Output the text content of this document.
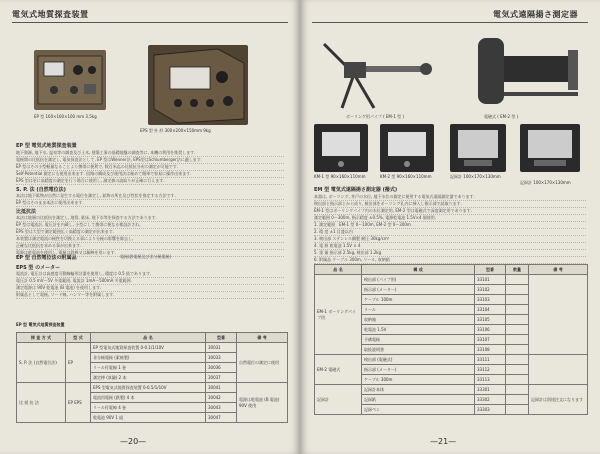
電気式地質探査装置
EP 型 160×160×100 mm 3.5kg
EPS 型 外 形 300×200×150mm 9kg
EP 型 電気式地質探査装置
地下資源, 地下水, 温泉等の調査及び土木, 建築工事の基礎地盤の調査等に, 本機の利用を推奨します.
電極間の比抵抗を測定し, 電気探査法として, EP 型はWenner法, EPS型はSchlumberger法に適します.
EP 型はその小型軽量なることより携帯に便利で, 数百米迄の比抵抗分布の測定が可能です.
Self-Potential 測定にも使用出来ます. 回路の構成及び使用法は極めて簡単で容易に操作出来ます.
EPS 型は更に高精度の測定を行う場合に使用し, 測定値の読取りが正確に行えます.
S. P. 法 (自然電位法)
本法は地下鉱物が自然に発生する電位を測定し, 鉱物の所在及び性状を推定する方法です.
EP 型はそのまま本法に使用出来ます.
比抵抗法
本法は地層の比抵抗を測定し, 地質, 鉱床, 地下水等を探査する方法であります.
EP 型は電流計, 電圧計を内蔵し, 小型にして携帯に便なる様設計され,
EPS 型は大型で測定範囲広く高精度の測定が出来ます.
本装置は測定電流の極性を切換える事により分極の影響を除去し,
正確な比抵抗を求める事が出来ます.
電源は乾電池を使用し, 電極は鉄棒又は銅棒を用います.
EP 型 自然電位法の附属品	電極(鉄電極及び非分極電極)
EPS 型 のメーター
電流計, 電圧計は高感度可動線輪形計器を使用し, 精度は 0.5 級であります.
電圧計 0.5 mV～5V 多重範囲, 電流計 1mA～500mA 多重範囲.
測定電源は 90V 乾電池 (B 電池) を使用します.
附属品として電極, リード線, ハンマー等を附属します.
EP 型 電気式地質探査装置
探 査 方 式	型 式	品 名	型番	備 考
S. P. 法 (自然電位法)	EP	EP 型電気式地質探査装置 0-0.1/1/10V	30031	自然電位の測定に使用
		非分極電極 (素焼製)	30033	
		リール付電線 1 巻	30036	
		測定棒 (真鍮) 2 本	30037	
比 抵 抗 法	EP EPS	EPS 型電気式地質探査装置 0-0.5/1/10V	30041	電源は乾電池 (B 電池) 90V 使用
		電流用電極 (鉄製) 4 本	30042	
		リール付電線 4 巻	30043	
		乾電池 90V 1 組	30047	
—20—
電気式遠隔揚さ測定器
ボーリング用パイプ ( EM-1 型 )	電磁式 ( EM-2 型 )
KM-1 型 90×160×110mm	KM-2 型 90×160×110mm	記録計 100×170×130mm
記録計 100×170×130mm
EM 型 電気式遠隔揚さ測定器 (撥式)
本器は, ボーリング, 井戸の水位, 地下水位の測定に使用する電気式遠隔測定器であります.
検出部と指示部とから成り, 検出部をボーリング孔内に挿入し指示部で読取ります.
EM-1 型はボーリングパイプ内の水位測定用, EM-2 型は電磁式で深度測定用であります.
測定範囲 0～300m, 指示精度 ±0.5%, 電源乾電池 1.5V×4 個使用.
1. 測定範囲　EM-1 型 0～100m, EM-2 型 0～300m
2. 精 度 ±1 目盛以内
3. 検出部 ステンレス鋼製 耐圧 30kg/cm²
4. 電 源 乾電池 1.5V × 4
5. 重 量 指示部 2.5kg, 検出部 1.2kg
6. 附属品 ケーブル 300m, リール, 収納箱
品 名	構 成	型番	数量	備 考
EM-1 ボーリングパイプ用	検出部 (パイプ用)	33101		
	指示部 (メーター)	33102		
	ケーブル 100m	33103		
	リール	33104		
	収納箱	33105		
	乾電池 1.5V	33106		
	予備電極	33107		
	取扱説明書	33108		
EM-2 電磁式	検出部 (電磁式)	33111		
	指示部 (メーター)	33112		
	ケーブル 300m	33113		
記録計	記録計本体	33301		記録計は別途注文になります
	記録紙	33302		
	記録ペン	33303		
—21—
